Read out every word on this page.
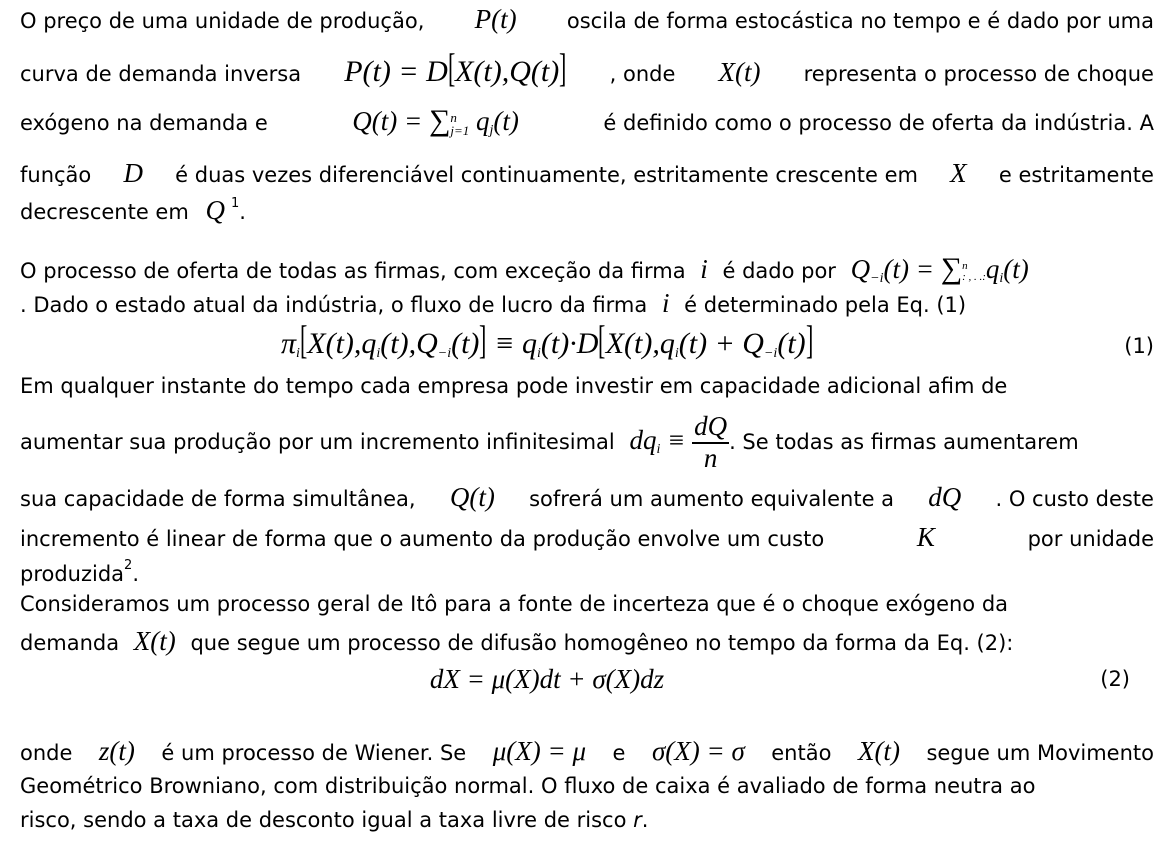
O preço de uma unidade de produção, P(t) oscila de forma estocástica no tempo e é dado por uma
curva de demanda inversa P(t) = D[X(t),Q(t)] , onde X(t) representa o processo de choque
exógeno na demanda e	Q(t) = ∑ n
j=1 $q_j(t)$	é definido como o processo de oferta da indústria. A
função D é duas vezes diferenciável continuamente, estritamente crescente em X e estritamente
decrescente em Q $^1$.
O processo de oferta de todas as firmas, com exceção da firma i é dado por $Q_{-i}(t)$ = ∑ n
: , . .: $q_i(t)$
. Dado o estado atual da indústria, o fluxo de lucro da firma i é determinado pela Eq. (1)
$\pi_i[X(t),q_i(t),Q_{-i}(t)] \equiv q_i(t)\cdot D[X(t),q_i(t) + Q_{-i}(t)]$	(1)
Em qualquer instante do tempo cada empresa pode investir em capacidade adicional afim de
aumentar sua produção por um incremento infinitesimal $dq_i \equiv \frac{dQ}{n}$ . Se todas as firmas aumentarem
sua capacidade de forma simultânea, Q(t) sofrerá um aumento equivalente a dQ . O custo deste
incremento é linear de forma que o aumento da produção envolve um custo	K	por unidade
produzida$^2$.
Consideramos um processo geral de Itô para a fonte de incerteza que é o choque exógeno da
demanda X(t) que segue um processo de difusão homogêneo no tempo da forma da Eq. (2):
dX = μ(X)dt + σ(X)dz	(2)
onde z(t) é um processo de Wiener. Se μ(X) = μ e σ(X) = σ então X(t) segue um Movimento
Geométrico Browniano, com distribuição normal. O fluxo de caixa é avaliado de forma neutra ao
risco, sendo a taxa de desconto igual a taxa livre de risco r.
